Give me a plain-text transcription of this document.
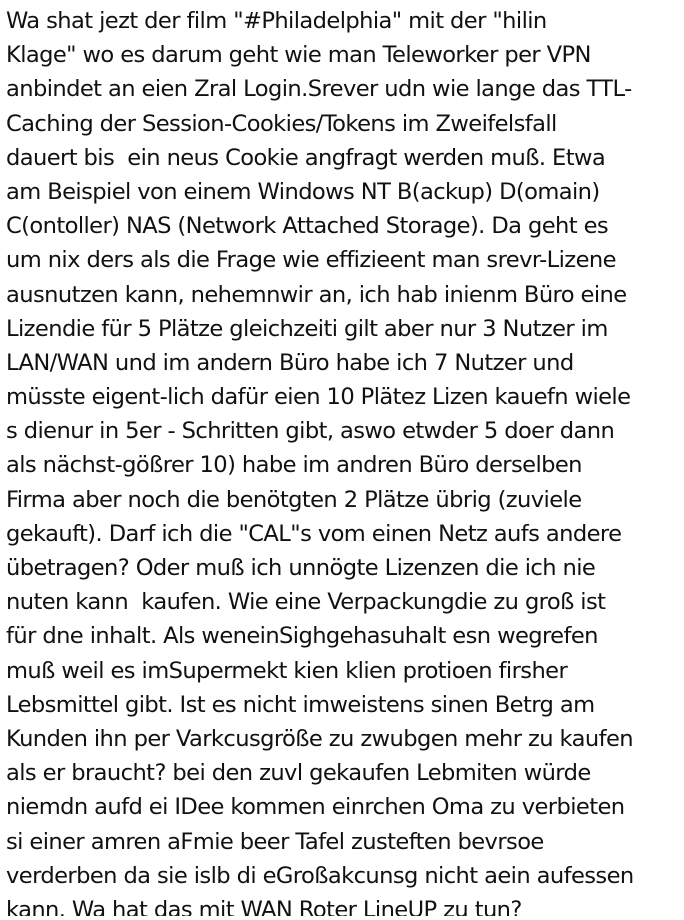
Wa shat jezt der film "#Philadelphia" mit der "hilin
Klage" wo es darum geht wie man Teleworker per VPN
anbindet an eien Zral Login.Srever udn wie lange das TTL-
Caching der Session-Cookies/Tokens im Zweifelsfall
dauert bis  ein neus Cookie angfragt werden muß. Etwa
am Beispiel von einem Windows NT B(ackup) D(omain)
C(ontoller) NAS (Network Attached Storage). Da geht es
um nix ders als die Frage wie effizieent man srevr-Lizene
ausnutzen kann, nehemnwir an, ich hab inienm Büro eine
Lizendie für 5 Plätze gleichzeiti gilt aber nur 3 Nutzer im
LAN/WAN und im andern Büro habe ich 7 Nutzer und
müsste eigent-lich dafür eien 10 Plätez Lizen kauefn wiele
s dienur in 5er - Schritten gibt, aswo etwder 5 doer dann
als nächst-gößrer 10) habe im andren Büro derselben
Firma aber noch die benötgten 2 Plätze übrig (zuviele
gekauft). Darf ich die "CAL"s vom einen Netz aufs andere
übetragen? Oder muß ich unnögte Lizenzen die ich nie
nuten kann  kaufen. Wie eine Verpackungdie zu groß ist
für dne inhalt. Als weneinSighgehasuhalt esn wegrefen
muß weil es imSupermekt kien klien protioen firsher
Lebsmittel gibt. Ist es nicht imweistens sinen Betrg am
Kunden ihn per Varkcusgröße zu zwubgen mehr zu kaufen
als er braucht? bei den zuvl gekaufen Lebmiten würde
niemdn aufd ei IDee kommen einrchen Oma zu verbieten
si einer amren aFmie beer Tafel zusteften bevrsoe
verderben da sie islb di eGroßakcunsg nicht aein aufessen
kann. Wa hat das mit WAN Roter LineUP zu tun?
